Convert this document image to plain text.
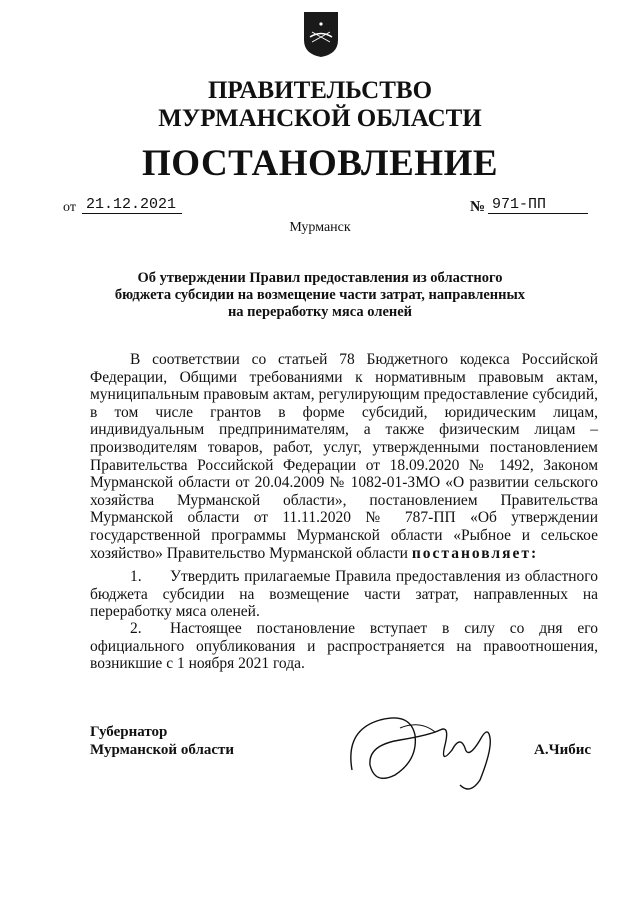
ПРАВИТЕЛЬСТВО
МУРМАНСКОЙ ОБЛАСТИ
ПОСТАНОВЛЕНИЕ
от 21.12.2021	№ 971-ПП
Мурманск
Об утверждении Правил предоставления из областного бюджета субсидии на возмещение части затрат, направленных на переработку мяса оленей
В соответствии со статьей 78 Бюджетного кодекса Российской Федерации, Общими требованиями к нормативным правовым актам, муниципальным правовым актам, регулирующим предоставление субсидий, в том числе грантов в форме субсидий, юридическим лицам, индивидуальным предпринимателям, а также физическим лицам – производителям товаров, работ, услуг, утвержденными постановлением Правительства Российской Федерации от 18.09.2020 № 1492, Законом Мурманской области от 20.04.2009 № 1082-01-ЗМО «О развитии сельского хозяйства Мурманской области», постановлением Правительства Мурманской области от 11.11.2020 № 787-ПП «Об утверждении государственной программы Мурманской области «Рыбное и сельское хозяйство» Правительство Мурманской области постановляет:
1. Утвердить прилагаемые Правила предоставления из областного бюджета субсидии на возмещение части затрат, направленных на переработку мяса оленей.
2. Настоящее постановление вступает в силу со дня его официального опубликования и распространяется на правоотношения, возникшие с 1 ноября 2021 года.
Губернатор
Мурманской области	А.Чибис
